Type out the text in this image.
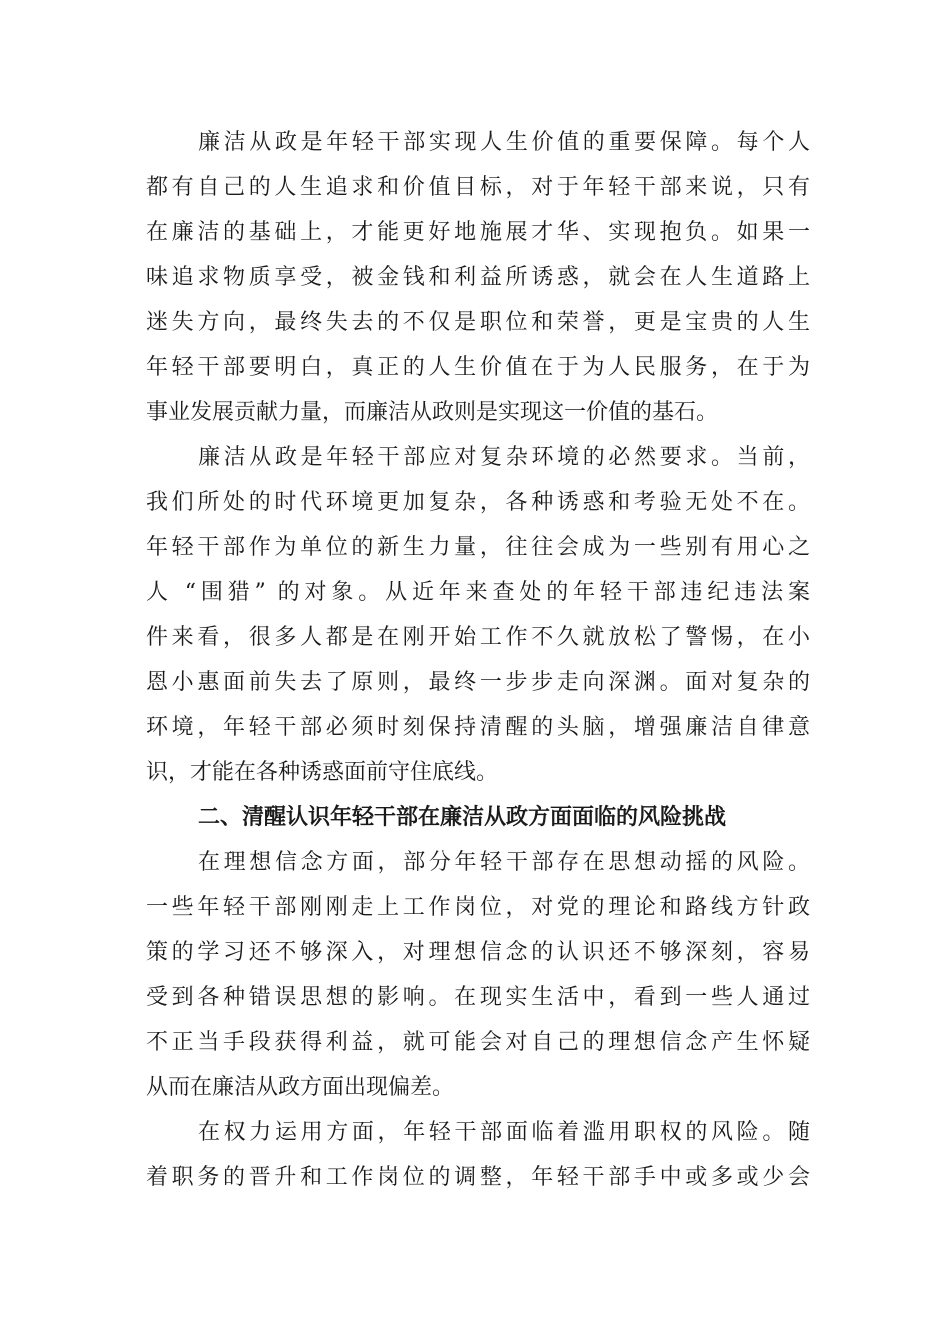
廉洁从政是年轻干部实现人生价值的重要保障。每个人
都有自己的人生追求和价值目标，对于年轻干部来说，只有
在廉洁的基础上，才能更好地施展才华、实现抱负。如果一
味追求物质享受，被金钱和利益所诱惑，就会在人生道路上
迷失方向，最终失去的不仅是职位和荣誉，更是宝贵的人生
年轻干部要明白，真正的人生价值在于为人民服务，在于为
事业发展贡献力量，而廉洁从政则是实现这一价值的基石。
廉洁从政是年轻干部应对复杂环境的必然要求。当前，
我们所处的时代环境更加复杂，各种诱惑和考验无处不在。
年轻干部作为单位的新生力量，往往会成为一些别有用心之
人 “围猎” 的对象。从近年来查处的年轻干部违纪违法案
件来看，很多人都是在刚开始工作不久就放松了警惕，在小
恩小惠面前失去了原则，最终一步步走向深渊。面对复杂的
环境，年轻干部必须时刻保持清醒的头脑，增强廉洁自律意
识，才能在各种诱惑面前守住底线。
二、清醒认识年轻干部在廉洁从政方面面临的风险挑战
在理想信念方面，部分年轻干部存在思想动摇的风险。
一些年轻干部刚刚走上工作岗位，对党的理论和路线方针政
策的学习还不够深入，对理想信念的认识还不够深刻，容易
受到各种错误思想的影响。在现实生活中，看到一些人通过
不正当手段获得利益，就可能会对自己的理想信念产生怀疑
从而在廉洁从政方面出现偏差。
在权力运用方面，年轻干部面临着滥用职权的风险。随
着职务的晋升和工作岗位的调整，年轻干部手中或多或少会
